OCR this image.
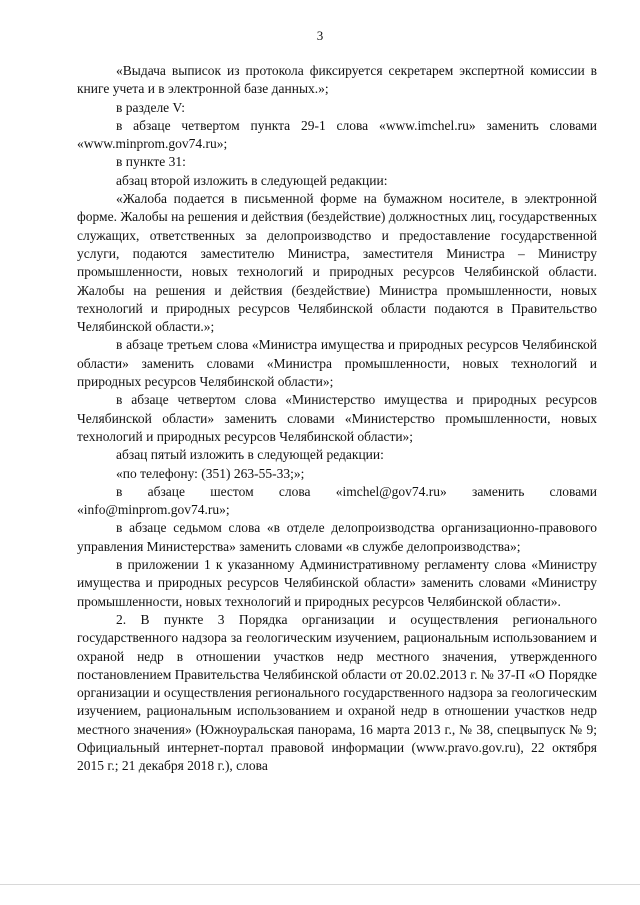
3

«Выдача выписок из протокола фиксируется секретарем экспертной комиссии в книге учета и в электронной базе данных.»;

в разделе V:

в абзаце четвертом пункта 29-1 слова «www.imchel.ru» заменить словами «www.minprom.gov74.ru»;

в пункте 31:

абзац второй изложить в следующей редакции:

«Жалоба подается в письменной форме на бумажном носителе, в электронной форме. Жалобы на решения и действия (бездействие) должностных лиц, государственных служащих, ответственных за делопроизводство и предоставление государственной услуги, подаются заместителю Министра, заместителя Министра – Министру промышленности, новых технологий и природных ресурсов Челябинской области. Жалобы на решения и действия (бездействие) Министра промышленности, новых технологий и природных ресурсов Челябинской области подаются в Правительство Челябинской области.»;

в абзаце третьем слова «Министра имущества и природных ресурсов Челябинской области» заменить словами «Министра промышленности, новых технологий и природных ресурсов Челябинской области»;

в абзаце четвертом слова «Министерство имущества и природных ресурсов Челябинской области» заменить словами «Министерство промышленности, новых технологий и природных ресурсов Челябинской области»;

абзац пятый изложить в следующей редакции:

«по телефону: (351) 263-55-33;»;

в абзаце шестом слова «imchel@gov74.ru» заменить словами «info@minprom.gov74.ru»;

в абзаце седьмом слова «в отделе делопроизводства организационно-правового управления Министерства» заменить словами «в службе делопроизводства»;

в приложении 1 к указанному Административному регламенту слова «Министру имущества и природных ресурсов Челябинской области» заменить словами «Министру промышленности, новых технологий и природных ресурсов Челябинской области».

2. В пункте 3 Порядка организации и осуществления регионального государственного надзора за геологическим изучением, рациональным использованием и охраной недр в отношении участков недр местного значения, утвержденного постановлением Правительства Челябинской области от 20.02.2013 г. № 37-П «О Порядке организации и осуществления регионального государственного надзора за геологическим изучением, рациональным использованием и охраной недр в отношении участков недр местного значения» (Южноуральская панорама, 16 марта 2013 г., № 38, спецвыпуск № 9; Официальный интернет-портал правовой информации (www.pravo.gov.ru), 22 октября 2015 г.; 21 декабря 2018 г.), слова
